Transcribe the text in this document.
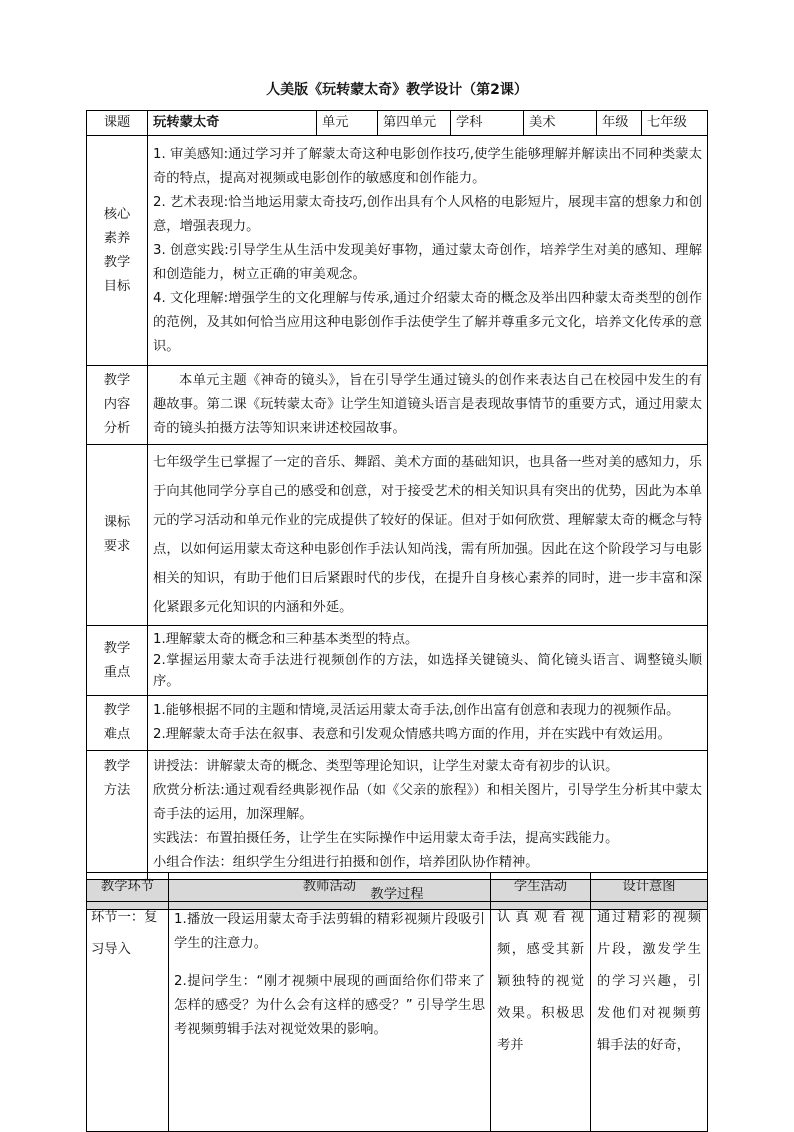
人美版《玩转蒙太奇》教学设计（第2课）
课题	玩转蒙太奇	单元	第四单元	学科	美术	年级	七年级
核心素养教学目标	1. 审美感知:通过学习并了解蒙太奇这种电影创作技巧,使学生能够理解并解读出不同种类蒙太奇的特点，提高对视频或电影创作的敏感度和创作能力。

2. 艺术表现:恰当地运用蒙太奇技巧,创作出具有个人风格的电影短片，展现丰富的想象力和创意，增强表现力。

3. 创意实践:引导学生从生活中发现美好事物，通过蒙太奇创作，培养学生对美的感知、理解和创造能力，树立正确的审美观念。

4. 文化理解:增强学生的文化理解与传承,通过介绍蒙太奇的概念及举出四种蒙太奇类型的创作的范例，及其如何恰当应用这种电影创作手法使学生了解并尊重多元文化，培养文化传承的意识。						

教学内容分析	本单元主题《神奇的镜头》，旨在引导学生通过镜头的创作来表达自己在校园中发生的有趣故事。第二课《玩转蒙太奇》让学生知道镜头语言是表现故事情节的重要方式，通过用蒙太奇的镜头拍摄方法等知识来讲述校园故事。						
课标要求	七年级学生已掌握了一定的音乐、舞蹈、美术方面的基础知识，也具备一些对美的感知力，乐于向其他同学分享自己的感受和创意，对于接受艺术的相关知识具有突出的优势，因此为本单元的学习活动和单元作业的完成提供了较好的保证。但对于如何欣赏、理解蒙太奇的概念与特点，以如何运用蒙太奇这种电影创作手法认知尚浅，需有所加强。因此在这个阶段学习与电影相关的知识，有助于他们日后紧跟时代的步伐，在提升自身核心素养的同时，进一步丰富和深化紧跟多元化知识的内涵和外延。						
教学重点	1.理解蒙太奇的概念和三种基本类型的特点。

2.掌握运用蒙太奇手法进行视频创作的方法，如选择关键镜头、简化镜头语言、调整镜头顺序。						

教学难点	1.能够根据不同的主题和情境,灵活运用蒙太奇手法,创作出富有创意和表现力的视频作品。

2.理解蒙太奇手法在叙事、表意和引发观众情感共鸣方面的作用，并在实践中有效运用。						

教学方法	讲授法：讲解蒙太奇的概念、类型等理论知识，让学生对蒙太奇有初步的认识。

欣赏分析法:通过观看经典影视作品（如《父亲的旅程》）和相关图片，引导学生分析其中蒙太奇手法的运用，加深理解。

实践法：布置拍摄任务，让学生在实际操作中运用蒙太奇手法，提高实践能力。

小组合作法：组织学生分组进行拍摄和创作，培养团队协作精神。						

教学过程							
教学环节	教师活动	学生活动	设计意图
环节一：复习导入	1.播放一段运用蒙太奇手法剪辑的精彩视频片段吸引学生的注意力。

2.提问学生：“刚才视频中展现的画面给你们带来了怎样的感受？为什么会有这样的感受？” 引导学生思考视频剪辑手法对视觉效果的影响。	认真观看视频，感受其新颖独特的视觉效果。积极思考并	通过精彩的视频片段，激发学生的学习兴趣，引发他们对视频剪辑手法的好奇，
